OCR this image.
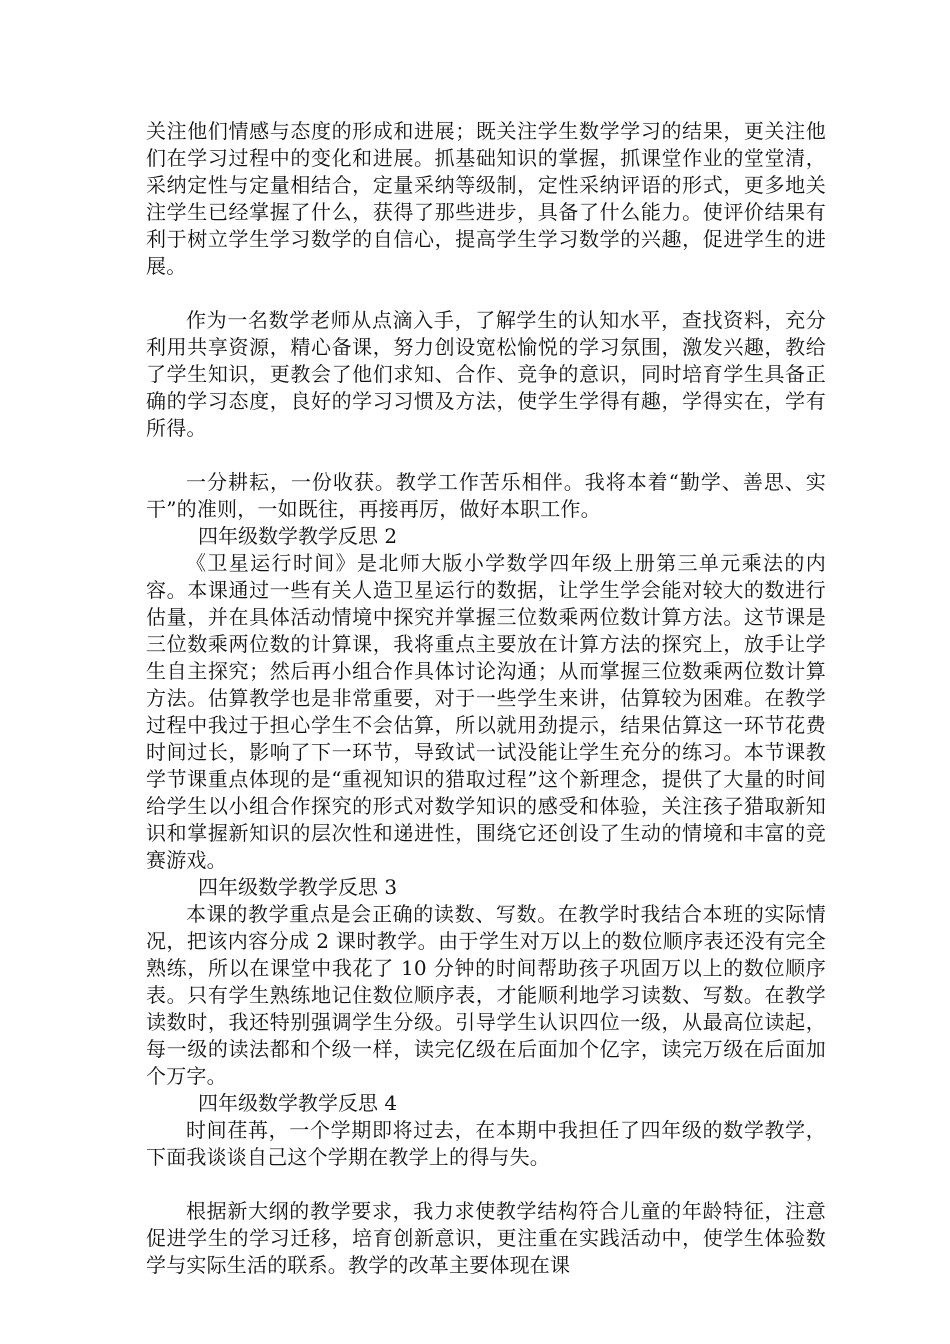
关注他们情感与态度的形成和进展；既关注学生数学学习的结果，更关注他们在学习过程中的变化和进展。抓基础知识的掌握，抓课堂作业的堂堂清，采纳定性与定量相结合，定量采纳等级制，定性采纳评语的形式，更多地关注学生已经掌握了什么，获得了那些进步，具备了什么能力。使评价结果有利于树立学生学习数学的自信心，提高学生学习数学的兴趣，促进学生的进展。

作为一名数学老师从点滴入手，了解学生的认知水平，查找资料，充分利用共享资源，精心备课，努力创设宽松愉悦的学习氛围，激发兴趣，教给了学生知识，更教会了他们求知、合作、竞争的意识，同时培育学生具备正确的学习态度，良好的学习习惯及方法，使学生学得有趣，学得实在，学有所得。

一分耕耘，一份收获。教学工作苦乐相伴。我将本着“勤学、善思、实干”的准则，一如既往，再接再厉，做好本职工作。

四年级数学教学反思 2

《卫星运行时间》是北师大版小学数学四年级上册第三单元乘法的内容。本课通过一些有关人造卫星运行的数据，让学生学会能对较大的数进行估量，并在具体活动情境中探究并掌握三位数乘两位数计算方法。这节课是三位数乘两位数的计算课，我将重点主要放在计算方法的探究上，放手让学生自主探究；然后再小组合作具体讨论沟通；从而掌握三位数乘两位数计算方法。估算教学也是非常重要，对于一些学生来讲，估算较为困难。在教学过程中我过于担心学生不会估算，所以就用劲提示，结果估算这一环节花费时间过长，影响了下一环节，导致试一试没能让学生充分的练习。本节课教学节课重点体现的是“重视知识的猎取过程”这个新理念，提供了大量的时间给学生以小组合作探究的形式对数学知识的感受和体验，关注孩子猎取新知识和掌握新知识的层次性和递进性，围绕它还创设了生动的情境和丰富的竞赛游戏。

四年级数学教学反思 3

本课的教学重点是会正确的读数、写数。在教学时我结合本班的实际情况，把该内容分成 2 课时教学。由于学生对万以上的数位顺序表还没有完全熟练，所以在课堂中我花了 10 分钟的时间帮助孩子巩固万以上的数位顺序表。只有学生熟练地记住数位顺序表，才能顺利地学习读数、写数。在教学读数时，我还特别强调学生分级。引导学生认识四位一级，从最高位读起，每一级的读法都和个级一样，读完亿级在后面加个亿字，读完万级在后面加个万字。

四年级数学教学反思 4

时间荏苒，一个学期即将过去，在本期中我担任了四年级的数学教学，下面我谈谈自己这个学期在教学上的得与失。

根据新大纲的教学要求，我力求使教学结构符合儿童的年龄特征，注意促进学生的学习迁移，培育创新意识，更注重在实践活动中，使学生体验数学与实际生活的联系。教学的改革主要体现在课
